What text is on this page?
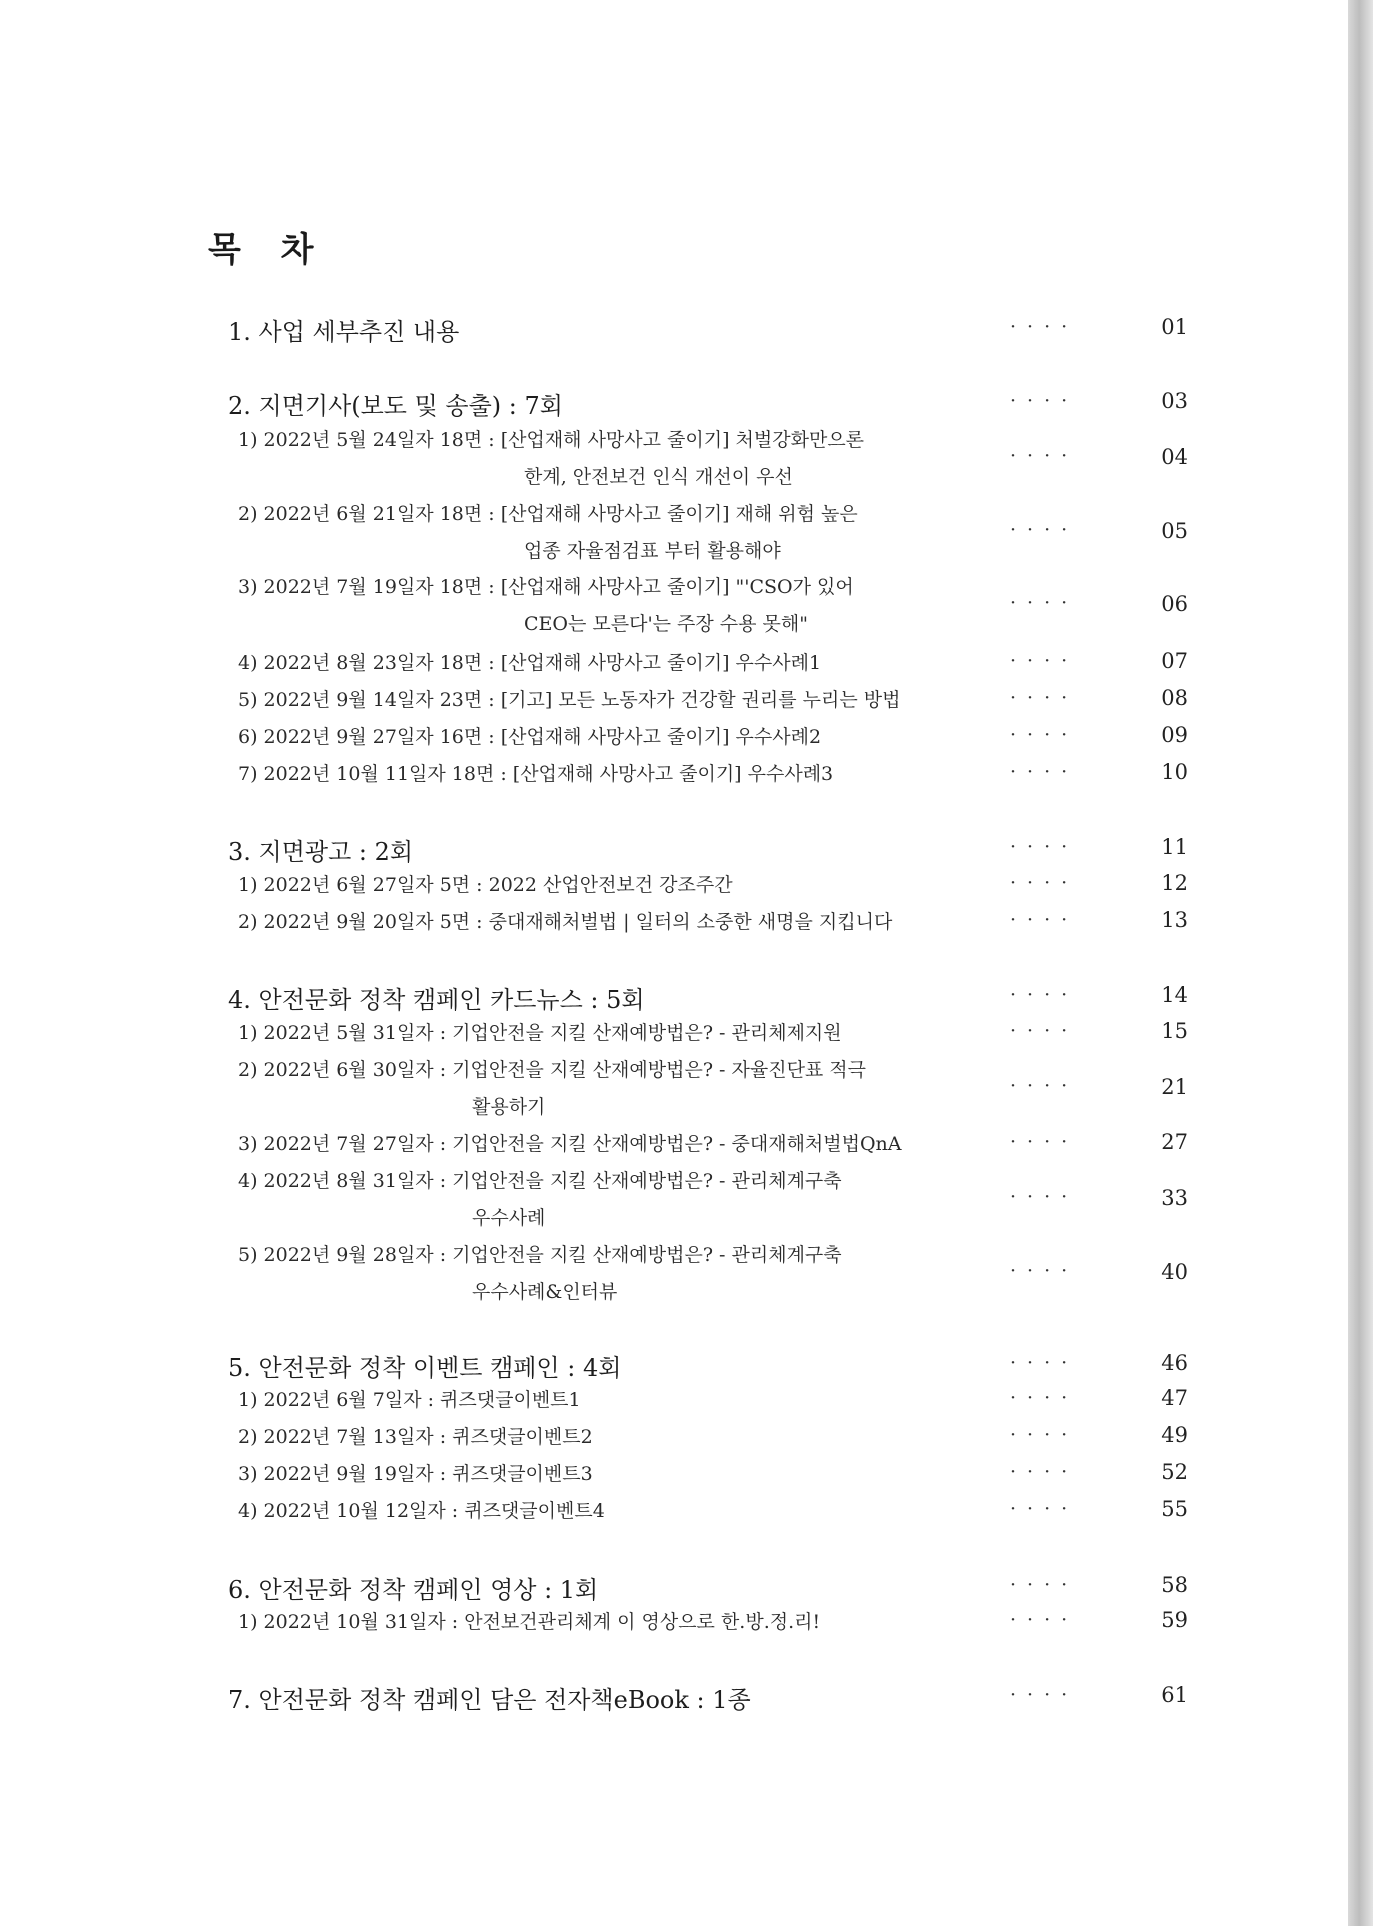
목 차
1. 사업 세부추진 내용	····	01
2. 지면기사(보도 및 송출) : 7회	····	03
1) 2022년 5월 24일자 18면 : [산업재해 사망사고 줄이기] 처벌강화만으론
한계, 안전보건 인식 개선이 우선
····	04
2) 2022년 6월 21일자 18면 : [산업재해 사망사고 줄이기] 재해 위험 높은
업종 자율점검표 부터 활용해야
····	05
3) 2022년 7월 19일자 18면 : [산업재해 사망사고 줄이기] "'CSO가 있어
CEO는 모른다'는 주장 수용 못해"
····	06
4) 2022년 8월 23일자 18면 : [산업재해 사망사고 줄이기] 우수사례1	····	07
5) 2022년 9월 14일자 23면 : [기고] 모든 노동자가 건강할 권리를 누리는 방법	····	08
6) 2022년 9월 27일자 16면 : [산업재해 사망사고 줄이기] 우수사례2	····	09
7) 2022년 10월 11일자 18면 : [산업재해 사망사고 줄이기] 우수사례3	····	10
3. 지면광고 : 2회	····	11
1) 2022년 6월 27일자 5면 : 2022 산업안전보건 강조주간	····	12
2) 2022년 9월 20일자 5면 : 중대재해처벌법 | 일터의 소중한 새명을 지킵니다	····	13
4. 안전문화 정착 캠페인 카드뉴스 : 5회	····	14
1) 2022년 5월 31일자 : 기업안전을 지킬 산재예방법은? - 관리체제지원	····	15
2) 2022년 6월 30일자 : 기업안전을 지킬 산재예방법은? - 자율진단표 적극
활용하기
····	21
3) 2022년 7월 27일자 : 기업안전을 지킬 산재예방법은? - 중대재해처벌법QnA	····	27
4) 2022년 8월 31일자 : 기업안전을 지킬 산재예방법은? - 관리체계구축
우수사례
····	33
5) 2022년 9월 28일자 : 기업안전을 지킬 산재예방법은? - 관리체계구축
우수사례&인터뷰
····	40
5. 안전문화 정착 이벤트 캠페인 : 4회	····	46
1) 2022년 6월 7일자 : 퀴즈댓글이벤트1	····	47
2) 2022년 7월 13일자 : 퀴즈댓글이벤트2	····	49
3) 2022년 9월 19일자 : 퀴즈댓글이벤트3	····	52
4) 2022년 10월 12일자 : 퀴즈댓글이벤트4	····	55
6. 안전문화 정착 캠페인 영상 : 1회	····	58
1) 2022년 10월 31일자 : 안전보건관리체계 이 영상으로 한.방.정.리!	····	59
7. 안전문화 정착 캠페인 담은 전자책eBook : 1종	····	61
